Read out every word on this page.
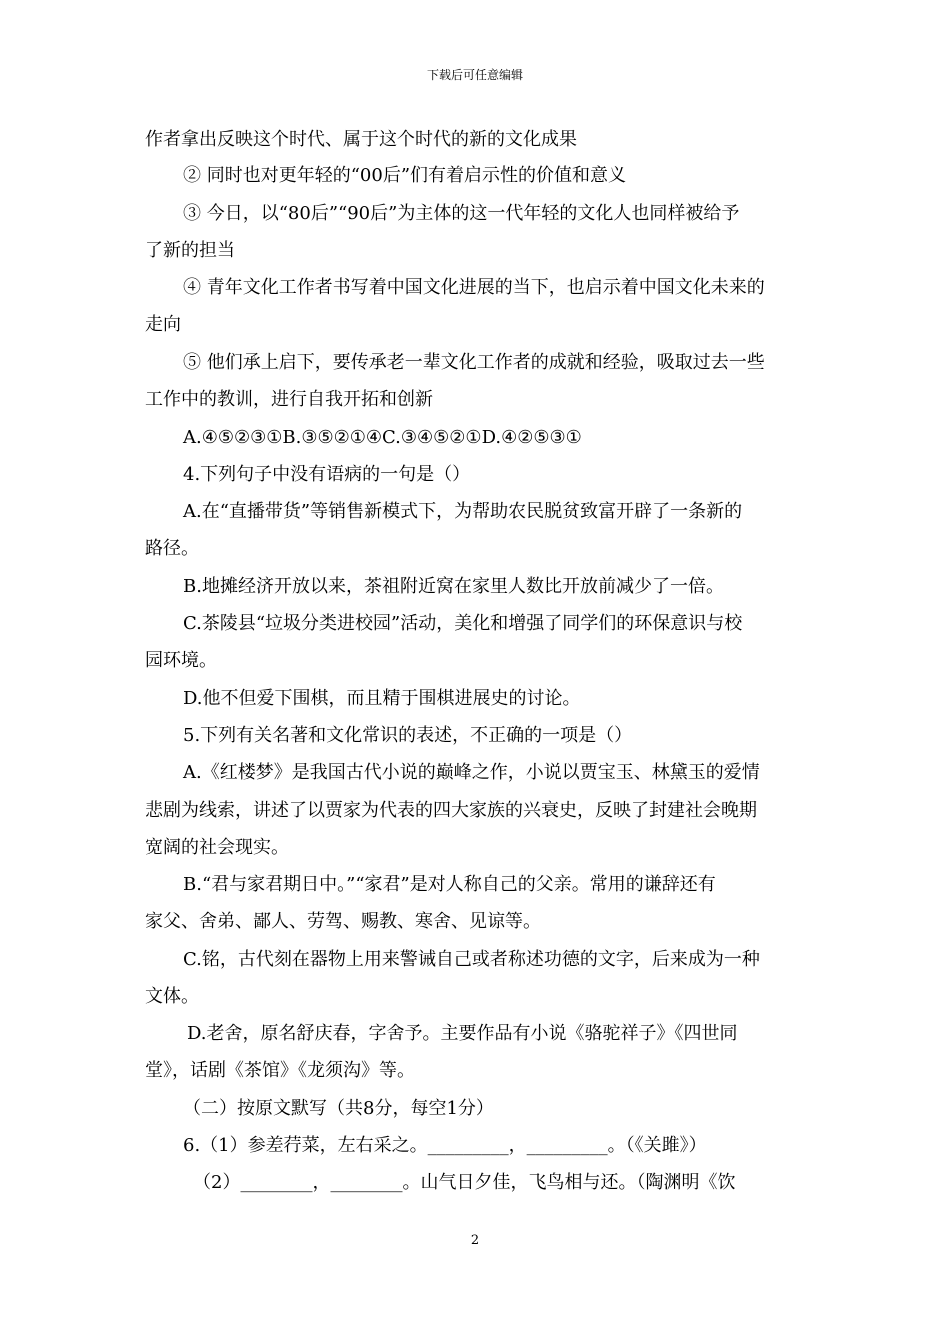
下载后可任意编辑
作者拿出反映这个时代、属于这个时代的新的文化成果
② 同时也对更年轻的“00后”们有着启示性的价值和意义
③ 今日，以“80后”“90后”为主体的这一代年轻的文化人也同样被给予
了新的担当
④ 青年文化工作者书写着中国文化进展的当下，也启示着中国文化未来的
走向
⑤ 他们承上启下，要传承老一辈文化工作者的成就和经验，吸取过去一些
工作中的教训，进行自我开拓和创新
A.④⑤②③①B.③⑤②①④C.③④⑤②①D.④②⑤③①
4.下列句子中没有语病的一句是（）
A.在“直播带货”等销售新模式下，为帮助农民脱贫致富开辟了一条新的
路径。
B.地摊经济开放以来，茶祖附近窝在家里人数比开放前减少了一倍。
C.茶陵县“垃圾分类进校园”活动，美化和增强了同学们的环保意识与校
园环境。
D.他不但爱下围棋，而且精于围棋进展史的讨论。
5.下列有关名著和文化常识的表述，不正确的一项是（）
A.《红楼梦》是我国古代小说的巅峰之作，小说以贾宝玉、林黛玉的爱情
悲剧为线索，讲述了以贾家为代表的四大家族的兴衰史，反映了封建社会晚期
宽阔的社会现实。
B.“君与家君期日中。”“家君”是对人称自己的父亲。常用的谦辞还有
家父、舍弟、鄙人、劳驾、赐教、寒舍、见谅等。
C.铭，古代刻在器物上用来警诫自己或者称述功德的文字，后来成为一种
文体。
D.老舍，原名舒庆春，字舍予。主要作品有小说《骆驼祥子》《四世同
堂》，话剧《茶馆》《龙须沟》等。
（二）按原文默写（共8分，每空1分）
6.（1）参差荇菜，左右采之。_________，_________。（《关雎》）
（2）________，________。山气日夕佳，飞鸟相与还。（陶渊明《饮
2
